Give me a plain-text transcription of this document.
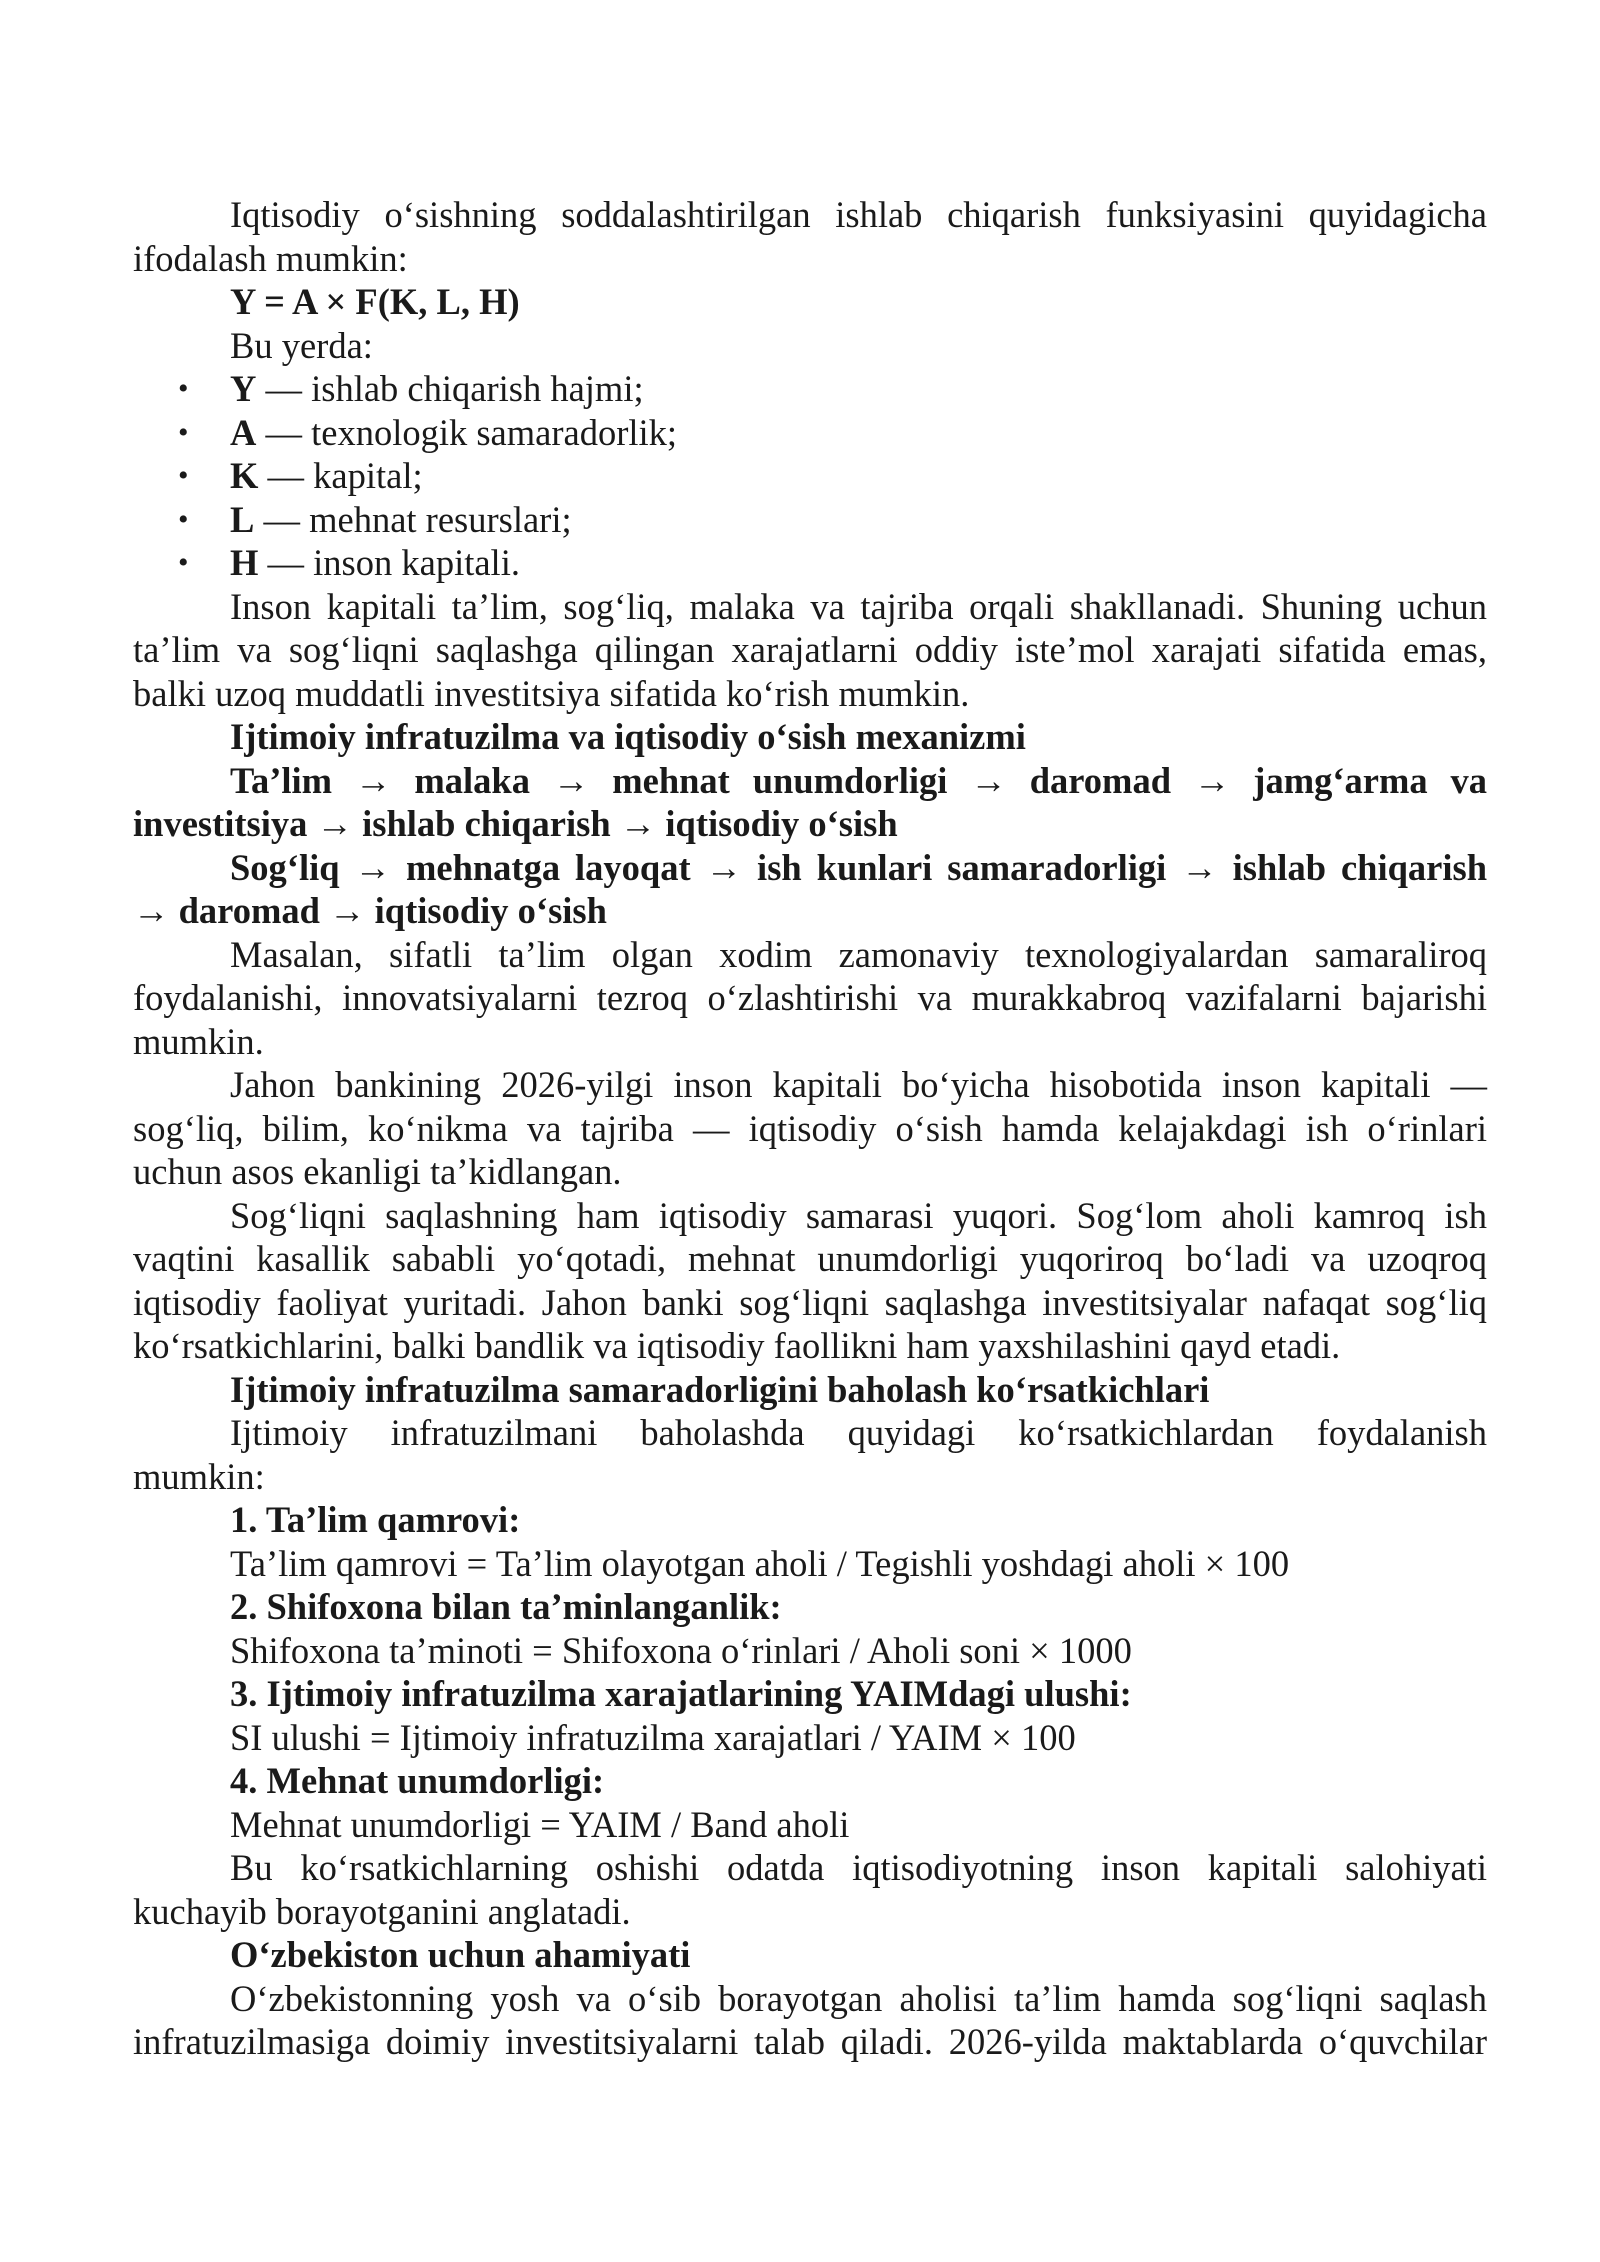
Iqtisodiy o‘sishning soddalashtirilgan ishlab chiqarish funksiyasini quyidagicha

ifodalash mumkin:

Y = A × F(K, L, H)

Bu yerda:

• Y — ishlab chiqarish hajmi;
• A — texnologik samaradorlik;
• K — kapital;
• L — mehnat resurslari;
• H — inson kapitali.

Inson kapitali ta’lim, sog‘liq, malaka va tajriba orqali shakllanadi. Shuning uchun

ta’lim va sog‘liqni saqlashga qilingan xarajatlarni oddiy iste’mol xarajati sifatida emas,

balki uzoq muddatli investitsiya sifatida ko‘rish mumkin.

Ijtimoiy infratuzilma va iqtisodiy o‘sish mexanizmi

Ta’lim → malaka → mehnat unumdorligi → daromad → jamg‘arma va

investitsiya → ishlab chiqarish → iqtisodiy o‘sish

Sog‘liq → mehnatga layoqat → ish kunlari samaradorligi → ishlab chiqarish

→ daromad → iqtisodiy o‘sish

Masalan, sifatli ta’lim olgan xodim zamonaviy texnologiyalardan samaraliroq

foydalanishi, innovatsiyalarni tezroq o‘zlashtirishi va murakkabroq vazifalarni bajarishi

mumkin.

Jahon bankining 2026-yilgi inson kapitali bo‘yicha hisobotida inson kapitali —

sog‘liq, bilim, ko‘nikma va tajriba — iqtisodiy o‘sish hamda kelajakdagi ish o‘rinlari

uchun asos ekanligi ta’kidlangan.

Sog‘liqni saqlashning ham iqtisodiy samarasi yuqori. Sog‘lom aholi kamroq ish

vaqtini kasallik sababli yo‘qotadi, mehnat unumdorligi yuqoriroq bo‘ladi va uzoqroq

iqtisodiy faoliyat yuritadi. Jahon banki sog‘liqni saqlashga investitsiyalar nafaqat sog‘liq

ko‘rsatkichlarini, balki bandlik va iqtisodiy faollikni ham yaxshilashini qayd etadi.

Ijtimoiy infratuzilma samaradorligini baholash ko‘rsatkichlari

Ijtimoiy infratuzilmani baholashda quyidagi ko‘rsatkichlardan foydalanish

mumkin:

1. Ta’lim qamrovi:

Ta’lim qamrovi = Ta’lim olayotgan aholi / Tegishli yoshdagi aholi × 100

2. Shifoxona bilan ta’minlanganlik:

Shifoxona ta’minoti = Shifoxona o‘rinlari / Aholi soni × 1000

3. Ijtimoiy infratuzilma xarajatlarining YAIMdagi ulushi:

SI ulushi = Ijtimoiy infratuzilma xarajatlari / YAIM × 100

4. Mehnat unumdorligi:

Mehnat unumdorligi = YAIM / Band aholi

Bu ko‘rsatkichlarning oshishi odatda iqtisodiyotning inson kapitali salohiyati

kuchayib borayotganini anglatadi.

O‘zbekiston uchun ahamiyati

O‘zbekistonning yosh va o‘sib borayotgan aholisi ta’lim hamda sog‘liqni saqlash

infratuzilmasiga doimiy investitsiyalarni talab qiladi. 2026-yilda maktablarda o‘quvchilar
